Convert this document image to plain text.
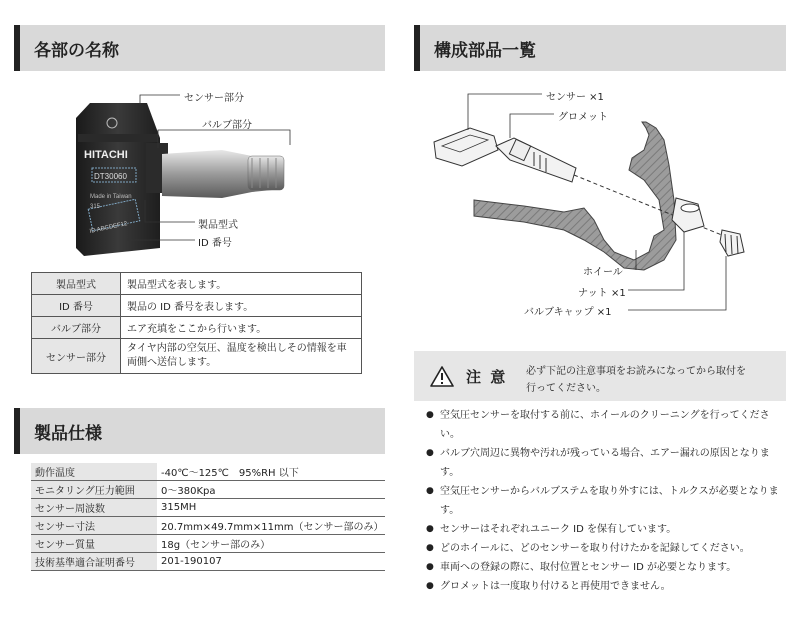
各部の名称
HITACHI
DT30060
Made in Taiwan
315
ID ABCDEF12
センサー部分
バルブ部分
製品型式
ID 番号
製品型式	製品型式を表します。
ID 番号	製品の ID 番号を表します。
バルブ部分	エア充填をここから行います。
センサー部分	タイヤ内部の空気圧、温度を検出しその情報を車両側へ送信します。
製品仕様
動作温度	-40℃～125℃　95%RH 以下
モニタリング圧力範囲	0～380Kpa
センサー周波数	315MH
センサー寸法	20.7mm×49.7mm×11mm（センサー部のみ）
センサー質量	18g（センサー部のみ）
技術基準適合証明番号	201-190107
構成部品一覧
センサー ×1
グロメット
ホイール
ナット ×1
バルブキャップ ×1
注 意 必ず下記の注意事項をお読みになってから取付を
行ってください。
● 空気圧センサーを取付する前に、ホイールのクリーニングを行ってください。
● バルブ穴周辺に異物や汚れが残っている場合、エアー漏れの原因となります。
● 空気圧センサーからバルブステムを取り外すには、トルクスが必要となります。
● センサーはそれぞれユニーク ID を保有しています。
● どのホイールに、どのセンサーを取り付けたかを記録してください。
● 車両への登録の際に、取付位置とセンサー ID が必要となります。
● グロメットは一度取り付けると再使用できません。
